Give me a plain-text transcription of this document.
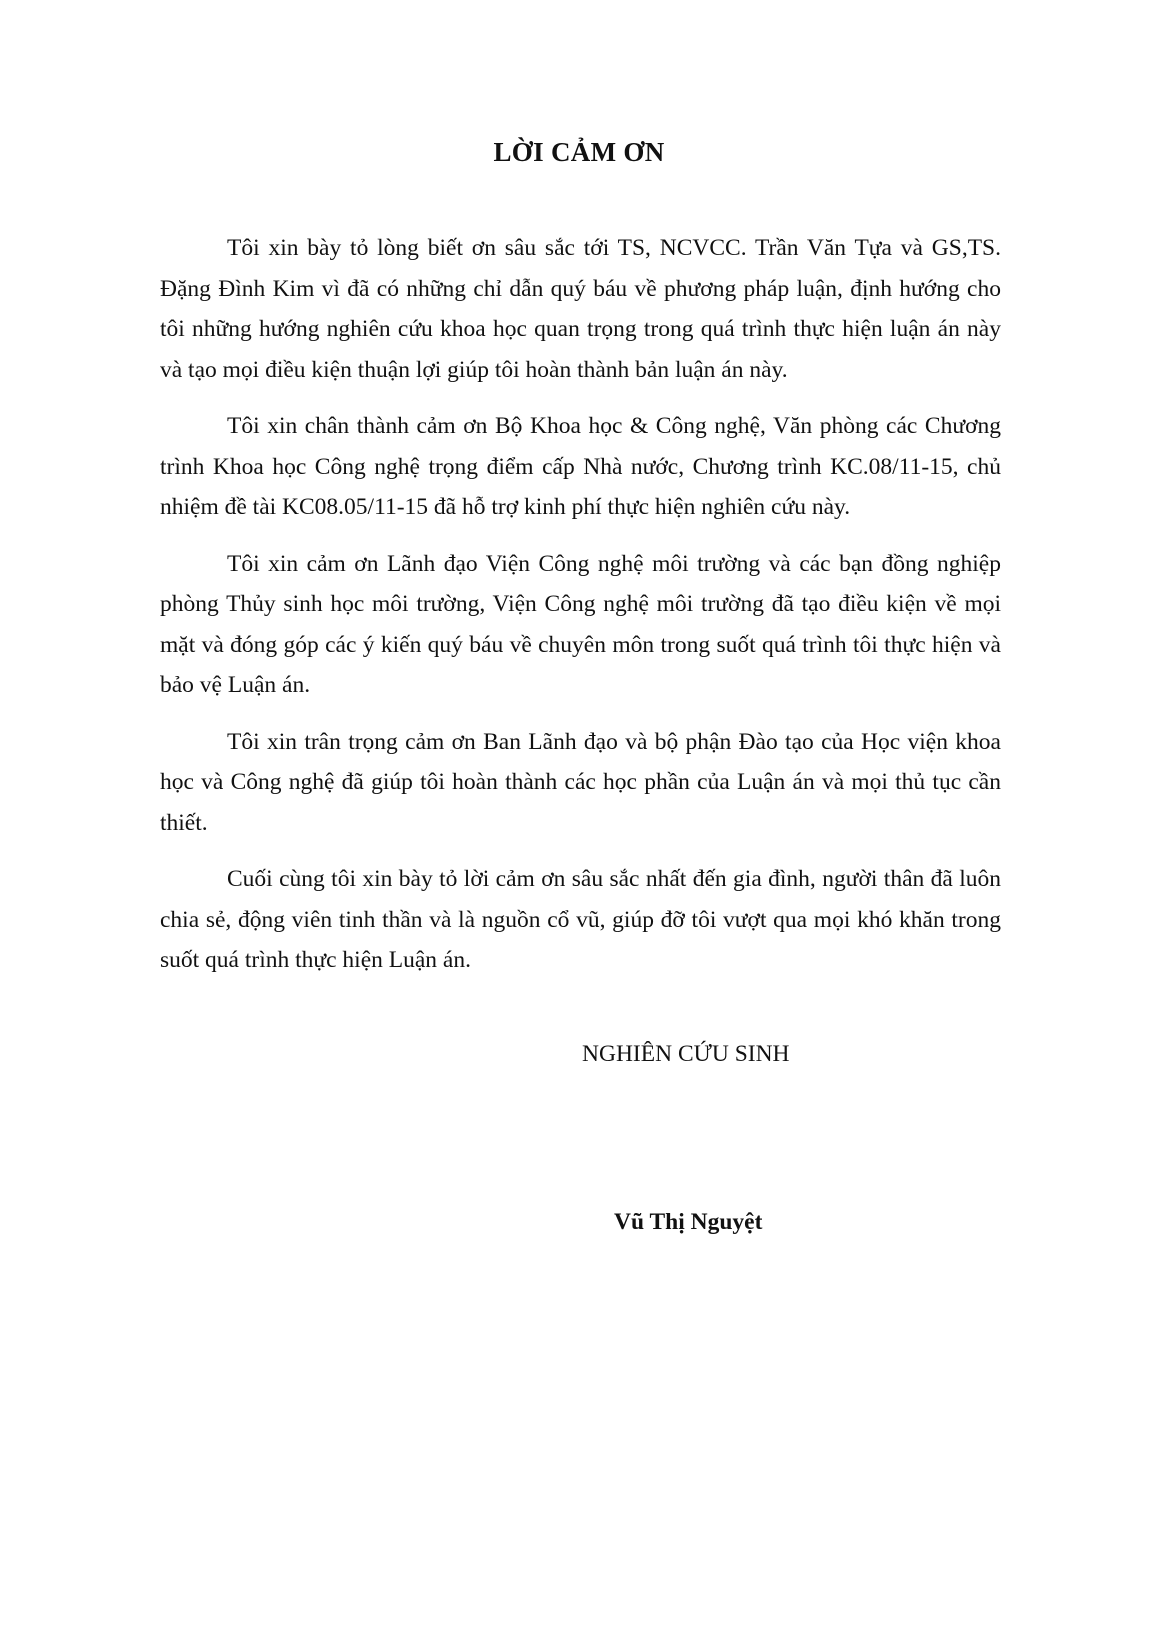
LỜI CẢM ƠN

Tôi xin bày tỏ lòng biết ơn sâu sắc tới TS, NCVCC. Trần Văn Tựa và GS,TS. Đặng Đình Kim vì đã có những chỉ dẫn quý báu về phương pháp luận, định hướng cho tôi những hướng nghiên cứu khoa học quan trọng trong quá trình thực hiện luận án này và tạo mọi điều kiện thuận lợi giúp tôi hoàn thành bản luận án này.

Tôi xin chân thành cảm ơn Bộ Khoa học & Công nghệ, Văn phòng các Chương trình Khoa học Công nghệ trọng điểm cấp Nhà nước, Chương trình KC.08/11-15, chủ nhiệm đề tài KC08.05/11-15 đã hỗ trợ kinh phí thực hiện nghiên cứu này.

Tôi xin cảm ơn Lãnh đạo Viện Công nghệ môi trường và các bạn đồng nghiệp phòng Thủy sinh học môi trường, Viện Công nghệ môi trường đã tạo điều kiện về mọi mặt và đóng góp các ý kiến quý báu về chuyên môn trong suốt quá trình tôi thực hiện và bảo vệ Luận án.

Tôi xin trân trọng cảm ơn Ban Lãnh đạo và bộ phận Đào tạo của Học viện khoa học và Công nghệ đã giúp tôi hoàn thành các học phần của Luận án và mọi thủ tục cần thiết.

Cuối cùng tôi xin bày tỏ lời cảm ơn sâu sắc nhất đến gia đình, người thân đã luôn chia sẻ, động viên tinh thần và là nguồn cổ vũ, giúp đỡ tôi vượt qua mọi khó khăn trong suốt quá trình thực hiện Luận án.

NGHIÊN CỨU SINH
Vũ Thị Nguyệt
